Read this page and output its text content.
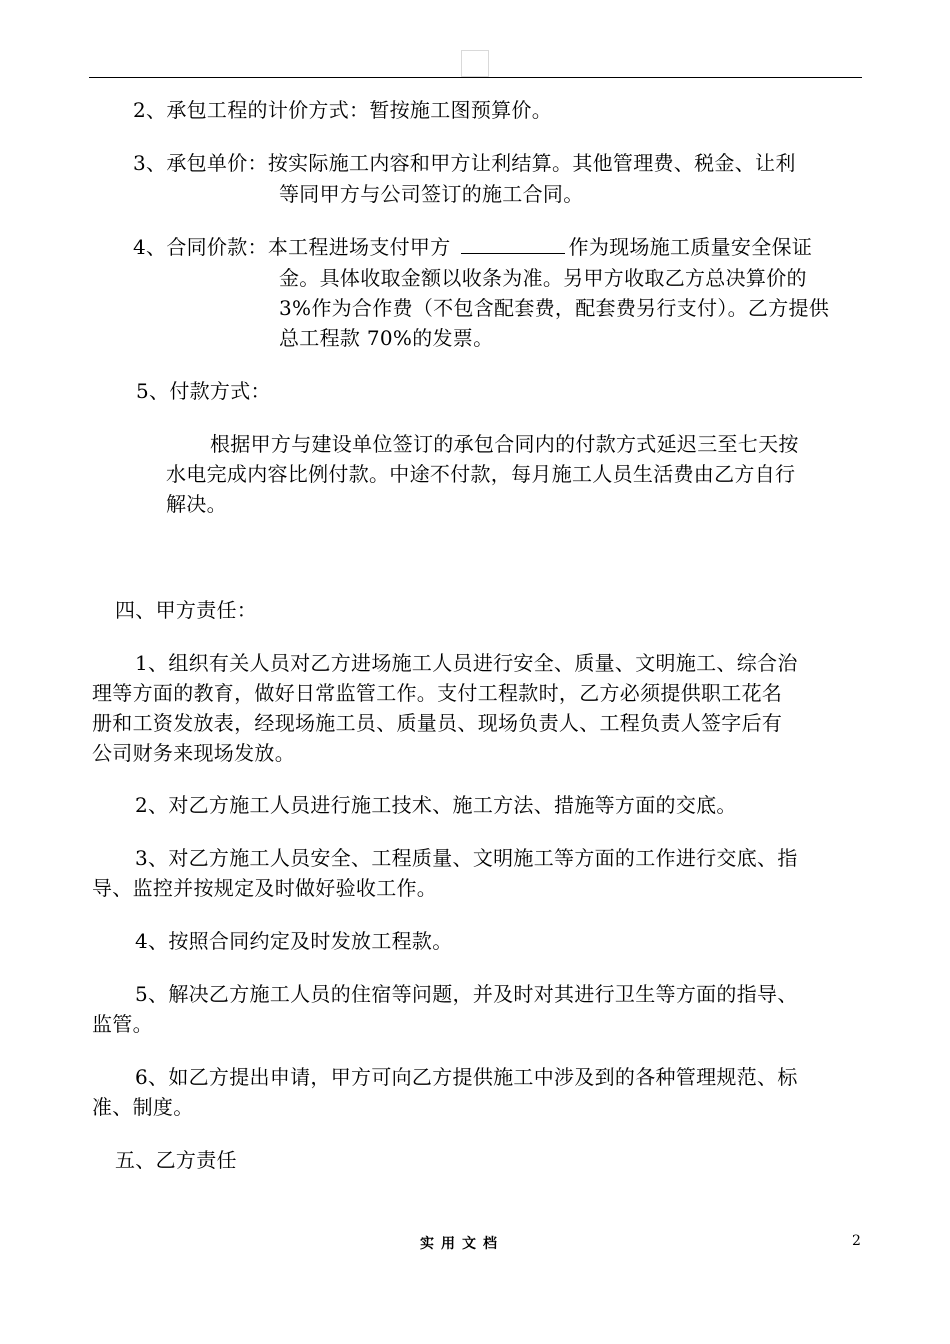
2、承包工程的计价方式：暂按施工图预算价。
3、承包单价：按实际施工内容和甲方让利结算。其他管理费、税金、让利
等同甲方与公司签订的施工合同。
4、合同价款：本工程进场支付甲方	作为现场施工质量安全保证
金。具体收取金额以收条为准。另甲方收取乙方总决算价的
3%作为合作费（不包含配套费，配套费另行支付）。乙方提供
总工程款 70%的发票。
5、付款方式：
根据甲方与建设单位签订的承包合同内的付款方式延迟三至七天按
水电完成内容比例付款。中途不付款，每月施工人员生活费由乙方自行
解决。
四、甲方责任：
1、组织有关人员对乙方进场施工人员进行安全、质量、文明施工、综合治
理等方面的教育，做好日常监管工作。支付工程款时，乙方必须提供职工花名
册和工资发放表，经现场施工员、质量员、现场负责人、工程负责人签字后有
公司财务来现场发放。
2、对乙方施工人员进行施工技术、施工方法、措施等方面的交底。
3、对乙方施工人员安全、工程质量、文明施工等方面的工作进行交底、指
导、监控并按规定及时做好验收工作。
4、按照合同约定及时发放工程款。
5、解决乙方施工人员的住宿等问题，并及时对其进行卫生等方面的指导、
监管。
6、如乙方提出申请，甲方可向乙方提供施工中涉及到的各种管理规范、标
准、制度。
五、乙方责任
实用文档	2
